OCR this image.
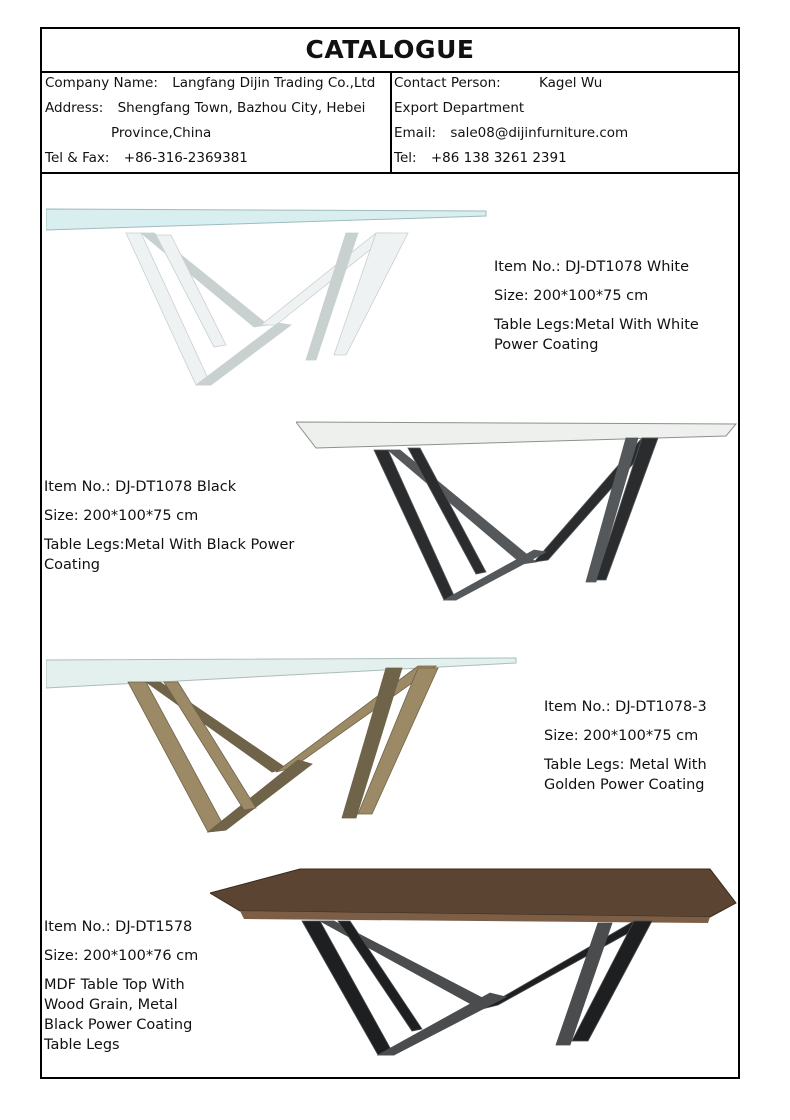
CATALOGUE
Company Name: Langfang Dijin Trading Co.,Ltd
Address: Shengfang Town, Bazhou City, Hebei
Province,China
Tel & Fax: +86-316-2369381
Contact Person:	Kagel Wu
Export Department
Email: sale08@dijinfurniture.com
Tel: +86 138 3261 2391
Item No.: DJ-DT1078 White
Size: 200*100*75 cm
Table Legs:Metal With White
Power Coating
Item No.: DJ-DT1078 Black
Size: 200*100*75 cm
Table Legs:Metal With Black Power
Coating
Item No.: DJ-DT1078-3
Size: 200*100*75 cm
Table Legs: Metal With
Golden Power Coating
Item No.: DJ-DT1578
Size: 200*100*76 cm
MDF Table Top With
Wood Grain, Metal
Black Power Coating
Table Legs
